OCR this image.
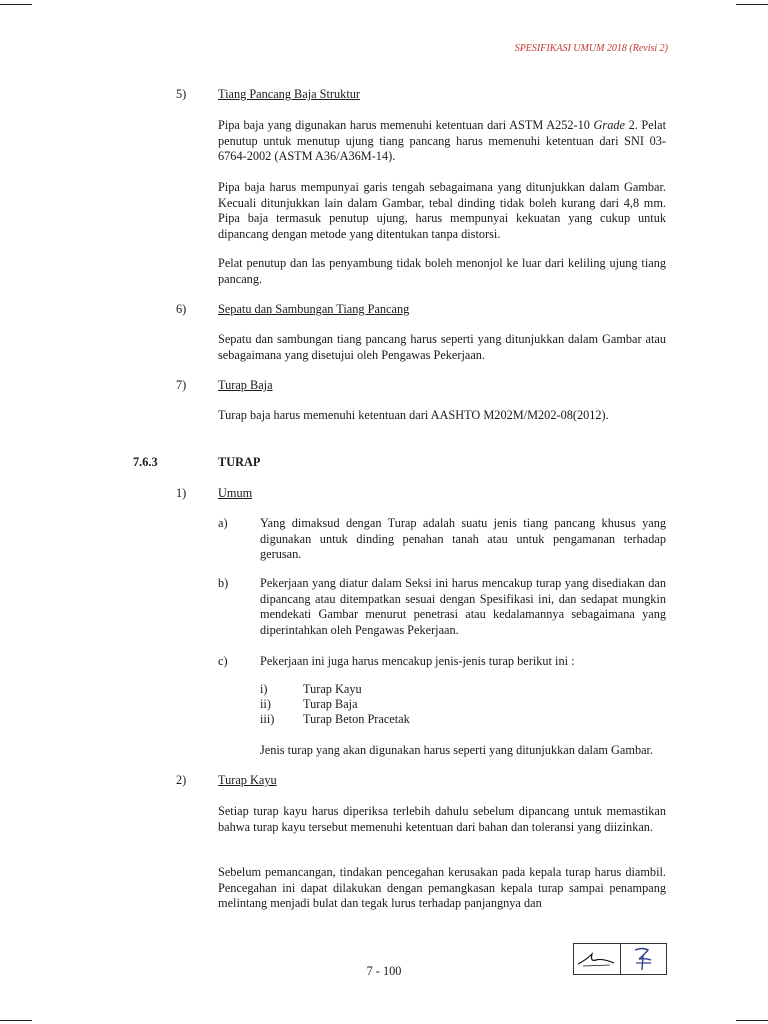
SPESIFIKASI UMUM 2018 (Revisi 2)
5)	Tiang Pancang Baja Struktur
Pipa baja yang digunakan harus memenuhi ketentuan dari ASTM A252-10 Grade 2. Pelat penutup untuk menutup ujung tiang pancang harus memenuhi ketentuan dari SNI 03-6764-2002 (ASTM A36/A36M-14).
Pipa baja harus mempunyai garis tengah sebagaimana yang ditunjukkan dalam Gambar. Kecuali ditunjukkan lain dalam Gambar, tebal dinding tidak boleh kurang dari 4,8 mm. Pipa baja termasuk penutup ujung, harus mempunyai kekuatan yang cukup untuk dipancang dengan metode yang ditentukan tanpa distorsi.
Pelat penutup dan las penyambung tidak boleh menonjol ke luar dari keliling ujung tiang pancang.
6)	Sepatu dan Sambungan Tiang Pancang
Sepatu dan sambungan tiang pancang harus seperti yang ditunjukkan dalam Gambar atau sebagaimana yang disetujui oleh Pengawas Pekerjaan.
7)	Turap Baja
Turap baja harus memenuhi ketentuan dari AASHTO M202M/M202-08(2012).
7.6.3	TURAP
1)	Umum
a)	Yang dimaksud dengan Turap adalah suatu jenis tiang pancang khusus yang digunakan untuk dinding penahan tanah atau untuk pengamanan terhadap gerusan.
b)	Pekerjaan yang diatur dalam Seksi ini harus mencakup turap yang disediakan dan dipancang atau ditempatkan sesuai dengan Spesifikasi ini, dan sedapat mungkin mendekati Gambar menurut penetrasi atau kedalamannya sebagaimana yang diperintahkan oleh Pengawas Pekerjaan.
c)	Pekerjaan ini juga harus mencakup jenis-jenis turap berikut ini :
i)	Turap Kayu
ii)	Turap Baja
iii) Turap Beton Pracetak
Jenis turap yang akan digunakan harus seperti yang ditunjukkan dalam Gambar.
2)	Turap Kayu
Setiap turap kayu harus diperiksa terlebih dahulu sebelum dipancang untuk memastikan bahwa turap kayu tersebut memenuhi ketentuan dari bahan dan toleransi yang diizinkan.
Sebelum pemancangan, tindakan pencegahan kerusakan pada kepala turap harus diambil. Pencegahan ini dapat dilakukan dengan pemangkasan kepala turap sampai penampang melintang menjadi bulat dan tegak lurus terhadap panjangnya dan
7 - 100
